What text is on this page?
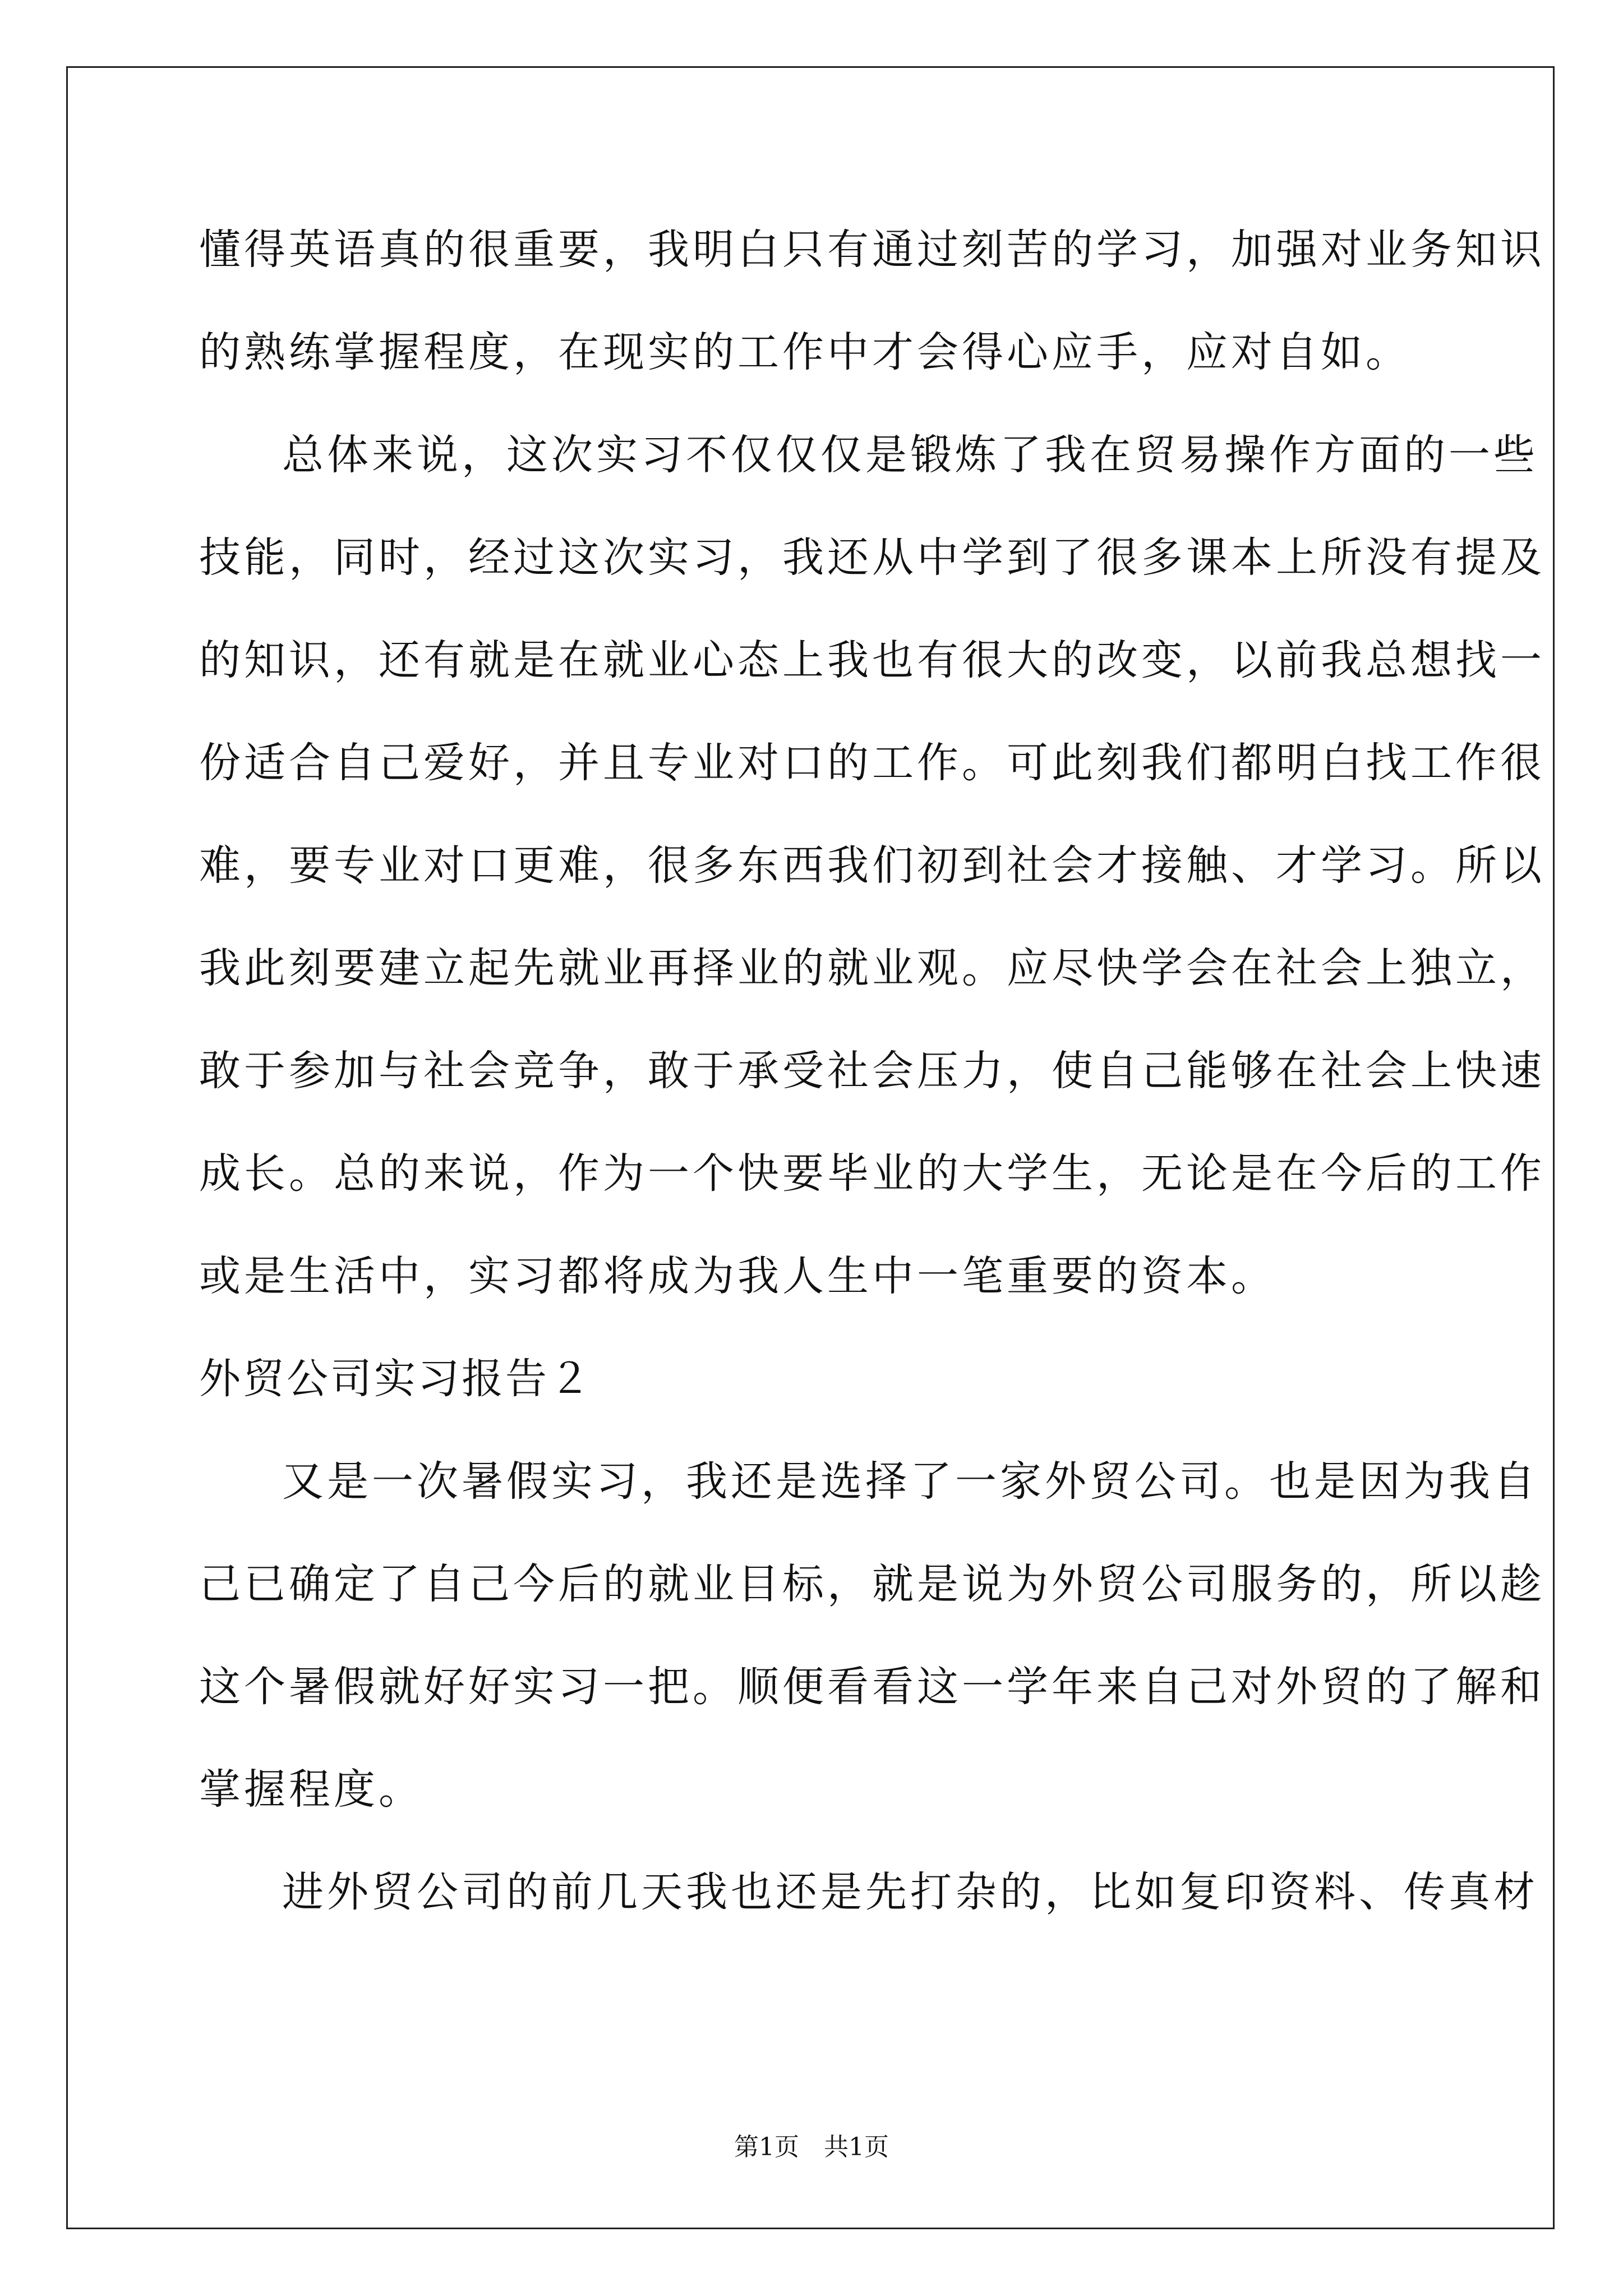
懂得英语真的很重要，我明白只有通过刻苦的学习，加强对业务知识
的熟练掌握程度，在现实的工作中才会得心应手，应对自如。
总体来说，这次实习不仅仅仅是锻炼了我在贸易操作方面的一些
技能，同时，经过这次实习，我还从中学到了很多课本上所没有提及
的知识，还有就是在就业心态上我也有很大的改变，以前我总想找一
份适合自己爱好，并且专业对口的工作。可此刻我们都明白找工作很
难，要专业对口更难，很多东西我们初到社会才接触、才学习。所以
我此刻要建立起先就业再择业的就业观。应尽快学会在社会上独立，
敢于参加与社会竞争，敢于承受社会压力，使自己能够在社会上快速
成长。总的来说，作为一个快要毕业的大学生，无论是在今后的工作
或是生活中，实习都将成为我人生中一笔重要的资本。
外贸公司实习报告２
又是一次暑假实习，我还是选择了一家外贸公司。也是因为我自
己已确定了自己今后的就业目标，就是说为外贸公司服务的，所以趁
这个暑假就好好实习一把。顺便看看这一学年来自己对外贸的了解和
掌握程度。
进外贸公司的前几天我也还是先打杂的，比如复印资料、传真材
第1页　共1页
